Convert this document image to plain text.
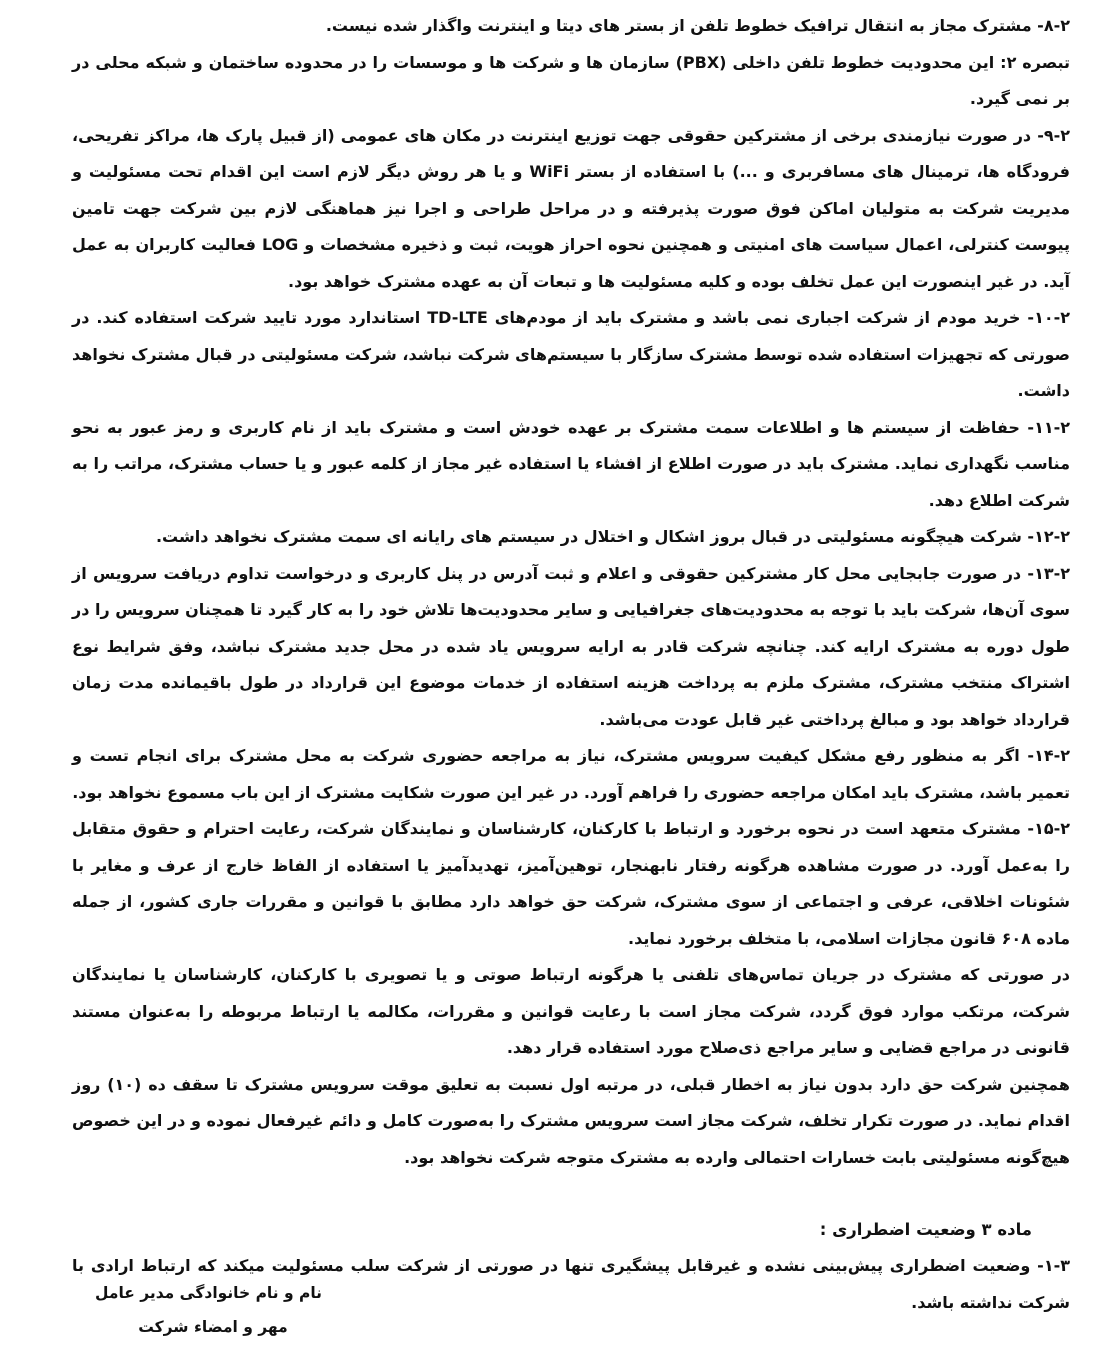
۸-۲- مشترک مجاز به انتقال ترافیک خطوط تلفن از بستر های دیتا و اینترنت واگذار شده نیست.

تبصره ۲: این محدودیت خطوط تلفن داخلی (PBX) سازمان ها و شرکت ها و موسسات را در محدوده ساختمان و شبکه محلی در بر نمی گیرد.

۹-۲- در صورت نیازمندی برخی از مشترکین حقوقی جهت توزیع اینترنت در مکان های عمومی (از قبیل پارک ها، مراکز تفریحی، فرودگاه ها، ترمینال های مسافربری و ...) با استفاده از بستر WiFi و یا هر روش دیگر لازم است این اقدام تحت مسئولیت و مدیریت شرکت به متولیان اماکن فوق صورت پذیرفته و در مراحل طراحی و اجرا نیز هماهنگی لازم بین شرکت جهت تامین پیوست کنترلی، اعمال سیاست های امنیتی و همچنین نحوه احراز هویت، ثبت و ذخیره مشخصات و LOG فعالیت کاربران به عمل آید. در غیر اینصورت این عمل تخلف بوده و کلیه مسئولیت ها و تبعات آن به عهده مشترک خواهد بود.

۱۰-۲- خرید مودم از شرکت اجباری نمی باشد و مشترک باید از مودم‌های TD-LTE استاندارد مورد تایید شرکت استفاده کند. در صورتی که تجهیزات استفاده شده توسط مشترک سازگار با سیستم‌های شرکت نباشد، شرکت مسئولیتی در قبال مشترک نخواهد داشت.

۱۱-۲- حفاظت از سیستم ها و اطلاعات سمت مشترک بر عهده خودش است و مشترک باید از نام کاربری و رمز عبور به نحو مناسب نگهداری نماید. مشترک باید در صورت اطلاع از افشاء یا استفاده غیر مجاز از کلمه عبور و یا حساب مشترک، مراتب را به شرکت اطلاع دهد.

۱۲-۲- شرکت هیچگونه مسئولیتی در قبال بروز اشکال و اختلال در سیستم های رایانه ای سمت مشترک نخواهد داشت.

۱۳-۲- در صورت جابجایی محل کار مشترکین حقوقی و اعلام و ثبت آدرس در پنل کاربری و درخواست تداوم دریافت سرویس از سوی آن‌ها، شرکت باید با توجه به محدودیت‌های جغرافیایی و سایر محدودیت‌ها تلاش خود را به کار گیرد تا همچنان سرویس را در طول دوره به مشترک ارایه کند. چنانچه شرکت قادر به ارایه سرویس یاد شده در محل جدید مشترک نباشد، وفق شرایط نوع اشتراک منتخب مشترک، مشترک ملزم به پرداخت هزینه استفاده از خدمات موضوع این قرارداد در طول باقیمانده مدت زمان قرارداد خواهد بود و مبالغ پرداختی غیر قابل عودت می‌باشد.

۱۴-۲- اگر به منظور رفع مشکل کیفیت سرویس مشترک، نیاز به مراجعه حضوری شرکت به محل مشترک برای انجام تست و تعمیر باشد، مشترک باید امکان مراجعه حضوری را فراهم آورد. در غیر این صورت شکایت مشترک از این باب مسموع نخواهد بود.

۱۵-۲- مشترک متعهد است در نحوه برخورد و ارتباط با کارکنان، کارشناسان و نمایندگان شرکت، رعایت احترام و حقوق متقابل را به‌عمل آورد. در صورت مشاهده هرگونه رفتار نابهنجار، توهین‌آمیز، تهدیدآمیز یا استفاده از الفاظ خارج از عرف و مغایر با شئونات اخلاقی، عرفی و اجتماعی از سوی مشترک، شرکت حق خواهد دارد مطابق با قوانین و مقررات جاری کشور، از جمله ماده ۶۰۸ قانون مجازات اسلامی، با متخلف برخورد نماید.

در صورتی که مشترک در جریان تماس‌های تلفنی یا هرگونه ارتباط صوتی و یا تصویری با کارکنان، کارشناسان یا نمایندگان شرکت، مرتکب موارد فوق گردد، شرکت مجاز است با رعایت قوانین و مقررات، مکالمه یا ارتباط مربوطه را به‌عنوان مستند قانونی در مراجع قضایی و سایر مراجع ذی‌صلاح مورد استفاده قرار دهد.

همچنین شرکت حق دارد بدون نیاز به اخطار قبلی، در مرتبه اول نسبت به تعلیق موقت سرویس مشترک تا سقف ده (۱۰) روز اقدام نماید. در صورت تکرار تخلف، شرکت مجاز است سرویس مشترک را به‌صورت کامل و دائم غیرفعال نموده و در این خصوص هیچ‌گونه مسئولیتی بابت خسارات احتمالی وارده به مشترک متوجه شرکت نخواهد بود.

ماده ۳ وضعیت اضطراری :

۱-۳- وضعیت اضطراری پیش‌بینی نشده و غیرقابل پیشگیری تنها در صورتی از شرکت سلب مسئولیت میکند که ارتباط ارادی با شرکت نداشته باشد.

نام و نام خانوادگی مدیر عامل
مهر و امضاء شرکت
